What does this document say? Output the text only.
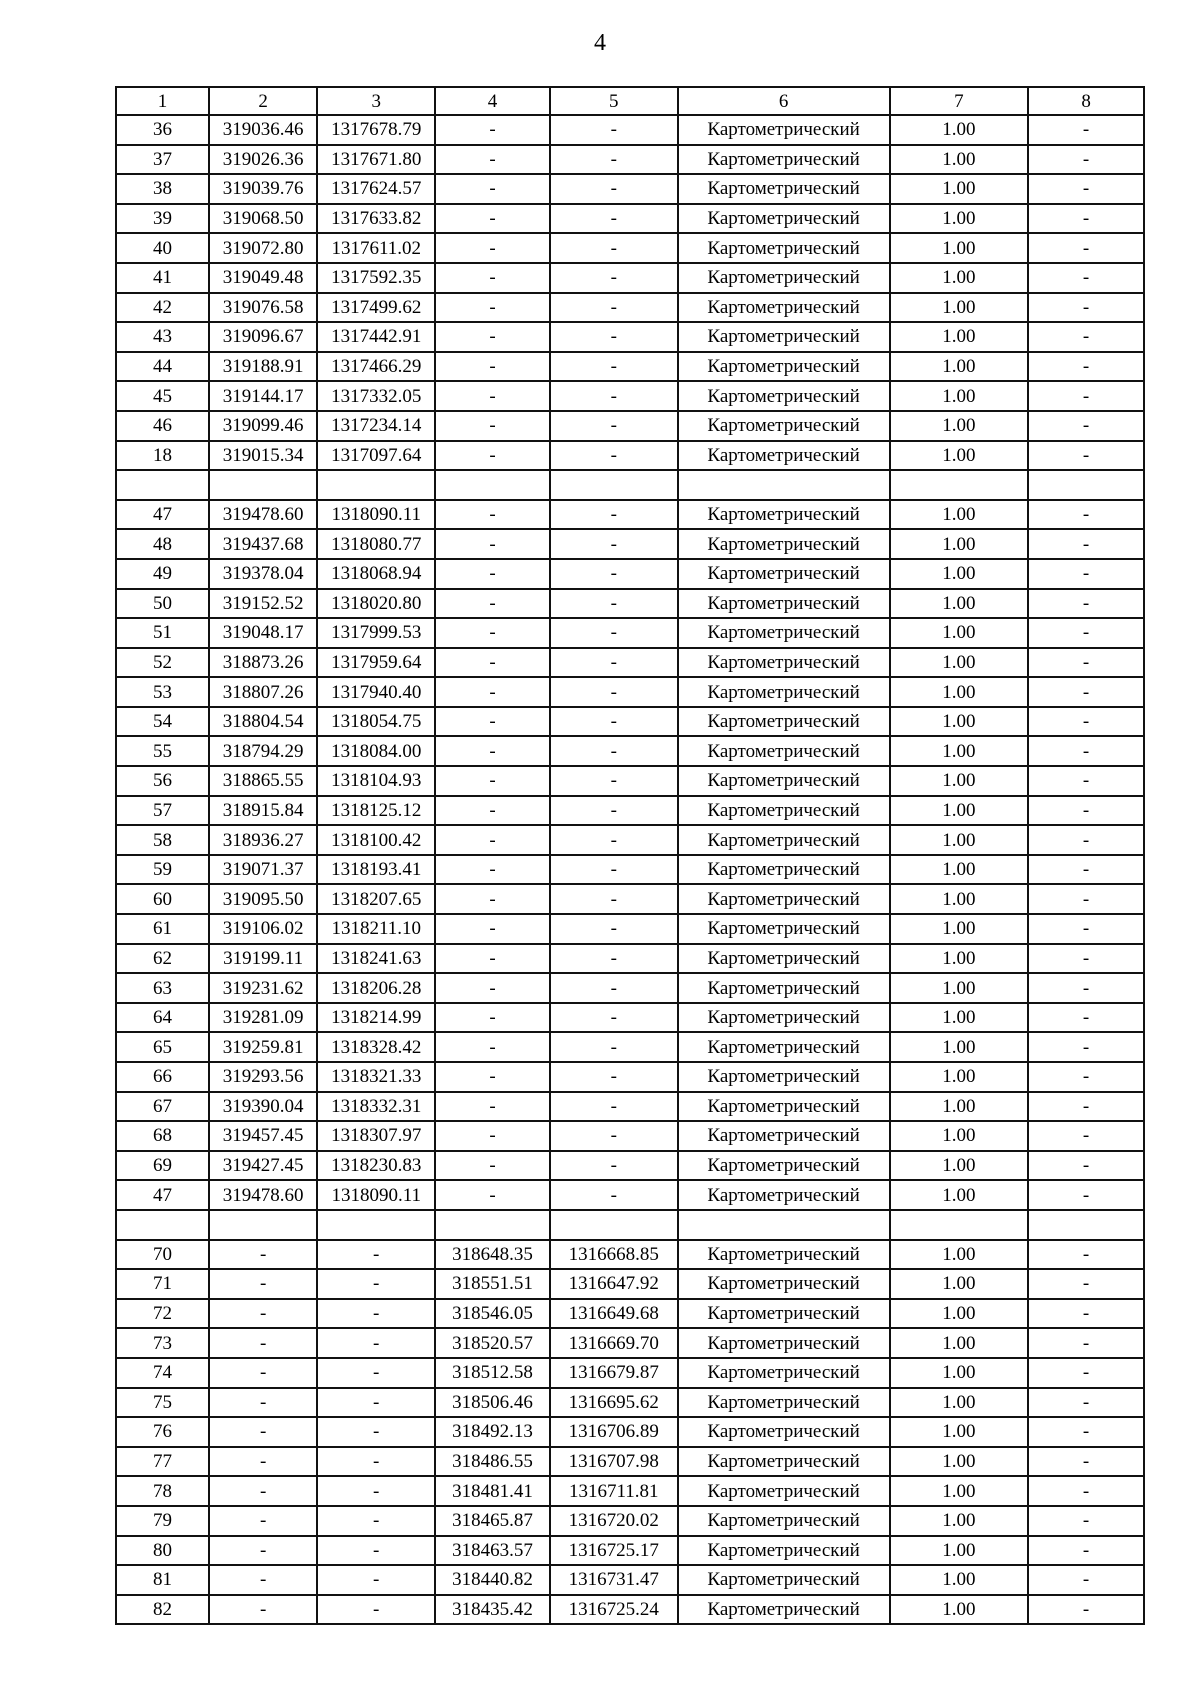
4
1	2	3	4	5	6	7	8
36	319036.46	1317678.79	-	-	Картометрический	1.00	-
37	319026.36	1317671.80	-	-	Картометрический	1.00	-
38	319039.76	1317624.57	-	-	Картометрический	1.00	-
39	319068.50	1317633.82	-	-	Картометрический	1.00	-
40	319072.80	1317611.02	-	-	Картометрический	1.00	-
41	319049.48	1317592.35	-	-	Картометрический	1.00	-
42	319076.58	1317499.62	-	-	Картометрический	1.00	-
43	319096.67	1317442.91	-	-	Картометрический	1.00	-
44	319188.91	1317466.29	-	-	Картометрический	1.00	-
45	319144.17	1317332.05	-	-	Картометрический	1.00	-
46	319099.46	1317234.14	-	-	Картометрический	1.00	-
18	319015.34	1317097.64	-	-	Картометрический	1.00	-

47	319478.60	1318090.11	-	-	Картометрический	1.00	-
48	319437.68	1318080.77	-	-	Картометрический	1.00	-
49	319378.04	1318068.94	-	-	Картометрический	1.00	-
50	319152.52	1318020.80	-	-	Картометрический	1.00	-
51	319048.17	1317999.53	-	-	Картометрический	1.00	-
52	318873.26	1317959.64	-	-	Картометрический	1.00	-
53	318807.26	1317940.40	-	-	Картометрический	1.00	-
54	318804.54	1318054.75	-	-	Картометрический	1.00	-
55	318794.29	1318084.00	-	-	Картометрический	1.00	-
56	318865.55	1318104.93	-	-	Картометрический	1.00	-
57	318915.84	1318125.12	-	-	Картометрический	1.00	-
58	318936.27	1318100.42	-	-	Картометрический	1.00	-
59	319071.37	1318193.41	-	-	Картометрический	1.00	-
60	319095.50	1318207.65	-	-	Картометрический	1.00	-
61	319106.02	1318211.10	-	-	Картометрический	1.00	-
62	319199.11	1318241.63	-	-	Картометрический	1.00	-
63	319231.62	1318206.28	-	-	Картометрический	1.00	-
64	319281.09	1318214.99	-	-	Картометрический	1.00	-
65	319259.81	1318328.42	-	-	Картометрический	1.00	-
66	319293.56	1318321.33	-	-	Картометрический	1.00	-
67	319390.04	1318332.31	-	-	Картометрический	1.00	-
68	319457.45	1318307.97	-	-	Картометрический	1.00	-
69	319427.45	1318230.83	-	-	Картометрический	1.00	-
47	319478.60	1318090.11	-	-	Картометрический	1.00	-

70	-	-	318648.35	1316668.85	Картометрический	1.00	-
71	-	-	318551.51	1316647.92	Картометрический	1.00	-
72	-	-	318546.05	1316649.68	Картометрический	1.00	-
73	-	-	318520.57	1316669.70	Картометрический	1.00	-
74	-	-	318512.58	1316679.87	Картометрический	1.00	-
75	-	-	318506.46	1316695.62	Картометрический	1.00	-
76	-	-	318492.13	1316706.89	Картометрический	1.00	-
77	-	-	318486.55	1316707.98	Картометрический	1.00	-
78	-	-	318481.41	1316711.81	Картометрический	1.00	-
79	-	-	318465.87	1316720.02	Картометрический	1.00	-
80	-	-	318463.57	1316725.17	Картометрический	1.00	-
81	-	-	318440.82	1316731.47	Картометрический	1.00	-
82	-	-	318435.42	1316725.24	Картометрический	1.00	-
